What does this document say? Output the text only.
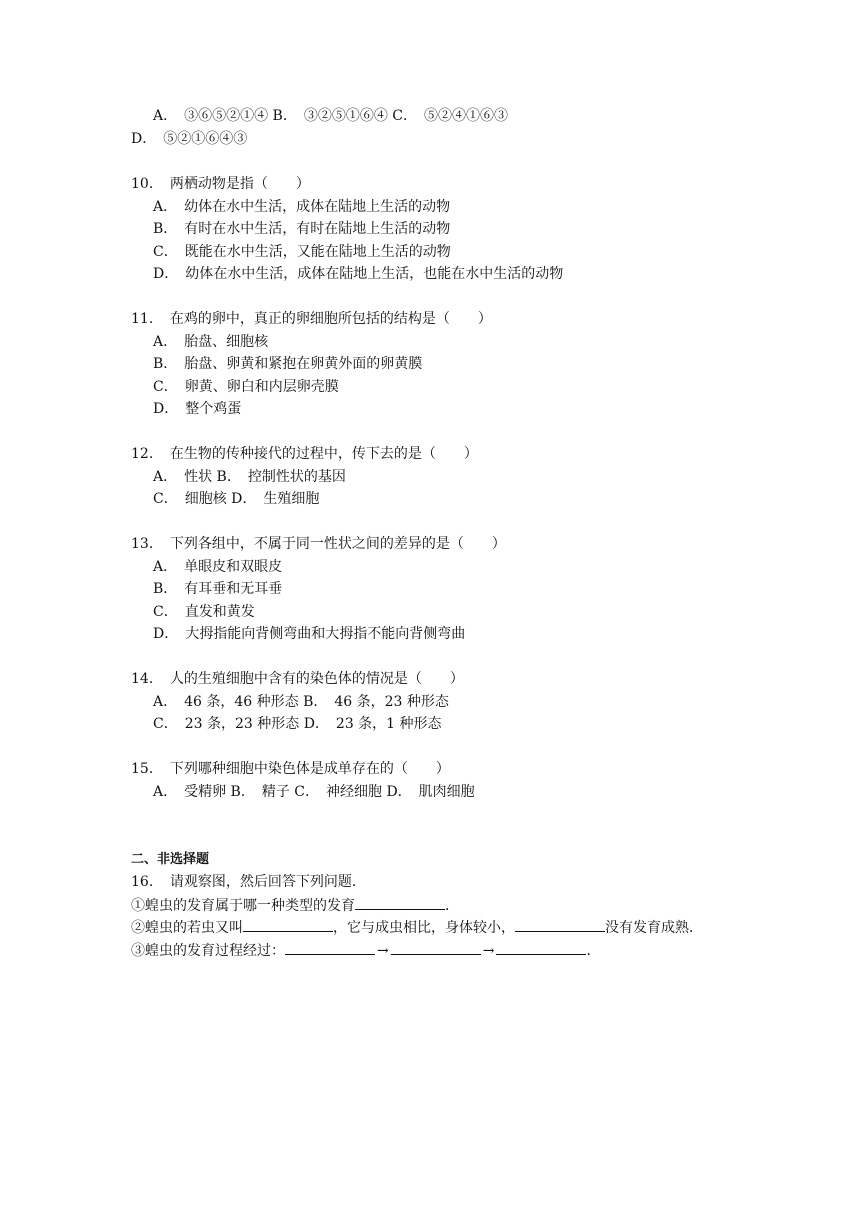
A．　③⑥⑤②①④ B．　③②⑤①⑥④ C．　⑤②④①⑥③
D．　⑤②①⑥④③
10．　两栖动物是指（　　）
A．　幼体在水中生活，成体在陆地上生活的动物
B．　有时在水中生活，有时在陆地上生活的动物
C．　既能在水中生活，又能在陆地上生活的动物
D．　幼体在水中生活，成体在陆地上生活，也能在水中生活的动物
11．　在鸡的卵中，真正的卵细胞所包括的结构是（　　）
A．　胎盘、细胞核
B．　胎盘、卵黄和紧抱在卵黄外面的卵黄膜
C．　卵黄、卵白和内层卵壳膜
D．　整个鸡蛋
12．　在生物的传种接代的过程中，传下去的是（　　）
A．　性状 B．　控制性状的基因
C．　细胞核 D．　生殖细胞
13．　下列各组中，不属于同一性状之间的差异的是（　　）
A．　单眼皮和双眼皮
B．　有耳垂和无耳垂
C．　直发和黄发
D．　大拇指能向背侧弯曲和大拇指不能向背侧弯曲
14．　人的生殖细胞中含有的染色体的情况是（　　）
A．　46 条，46 种形态 B．　46 条，23 种形态
C．　23 条，23 种形态 D．　23 条，1 种形态
15．　下列哪种细胞中染色体是成单存在的（　　）
A．　受精卵 B．　精子 C．　神经细胞 D．　肌肉细胞
二、非选择题
16．　请观察图，然后回答下列问题．
①蝗虫的发育属于哪一种类型的发育	．
②蝗虫的若虫又叫	，它与成虫相比，身体较小，	没有发育成熟．
③蝗虫的发育过程经过：	→	→	．
